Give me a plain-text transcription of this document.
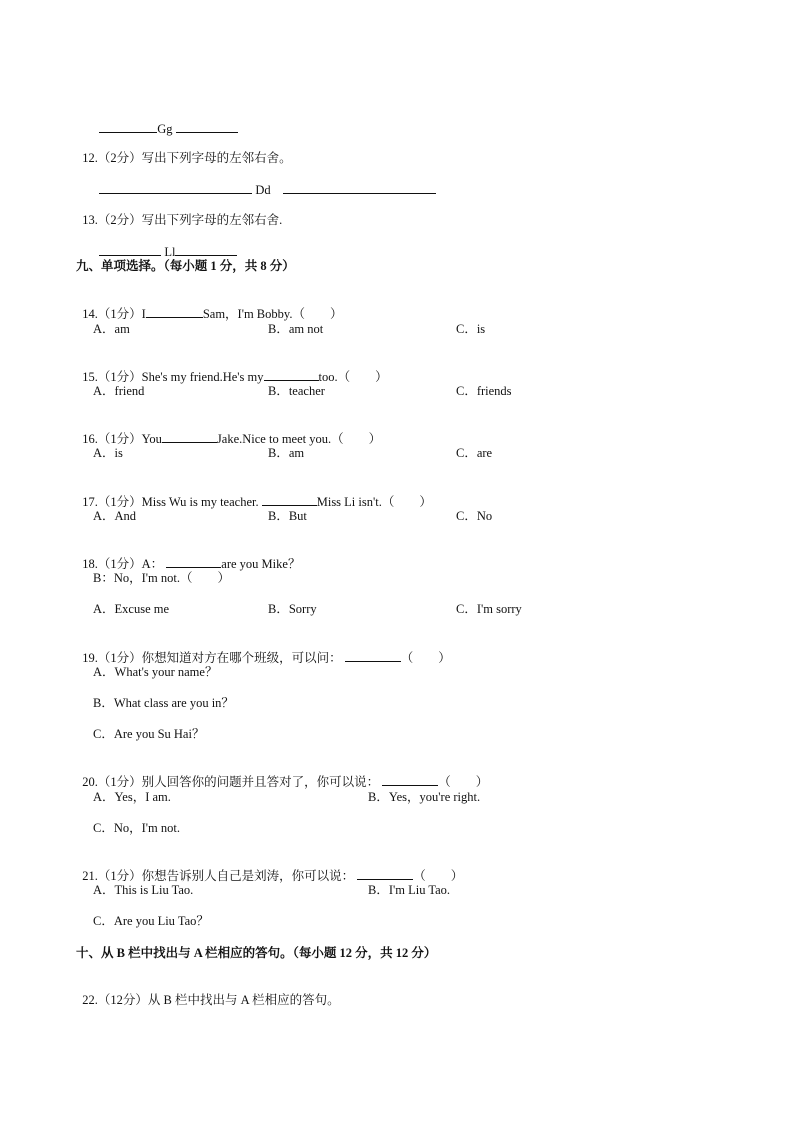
Gg

12.（2分）写出下列字母的左邻右舍。

Dd

13.（2分）写出下列字母的左邻右舍.

Ll

九、单项选择。（每小题 1 分，共 8 分）

14.（1分）I	Sam，I'm Bobby.（　　）

A．am	B．am not	C．is

15.（1分）She's my friend.He's my	too.（　　）

A．friend	B．teacher	C．friends

16.（1分）You	Jake.Nice to meet you.（　　）

A．is	B．am	C．are

17.（1分）Miss Wu is my teacher.	Miss Li isn't.（　　）

A．And	B．But	C．No

18.（1分）A：	are you Mike？

B：No，I'm not.（　　）
A．Excuse me	B．Sorry	C．I'm sorry

19.（1分）你想知道对方在哪个班级，可以问：	（　　）

A．What's your name？
B．What class are you in？
C．Are you Su Hai？

20.（1分）别人回答你的问题并且答对了，你可以说：	（　　）

A．Yes，I am.	B．Yes，you're right.
C．No，I'm not.

21.（1分）你想告诉别人自己是刘涛，你可以说：	（　　）

A．This is Liu Tao.	B．I'm Liu Tao.
C．Are you Liu Tao？
十、从 B 栏中找出与 A 栏相应的答句。（每小题 12 分，共 12 分）

22.（12分）从 B 栏中找出与 A 栏相应的答句。
